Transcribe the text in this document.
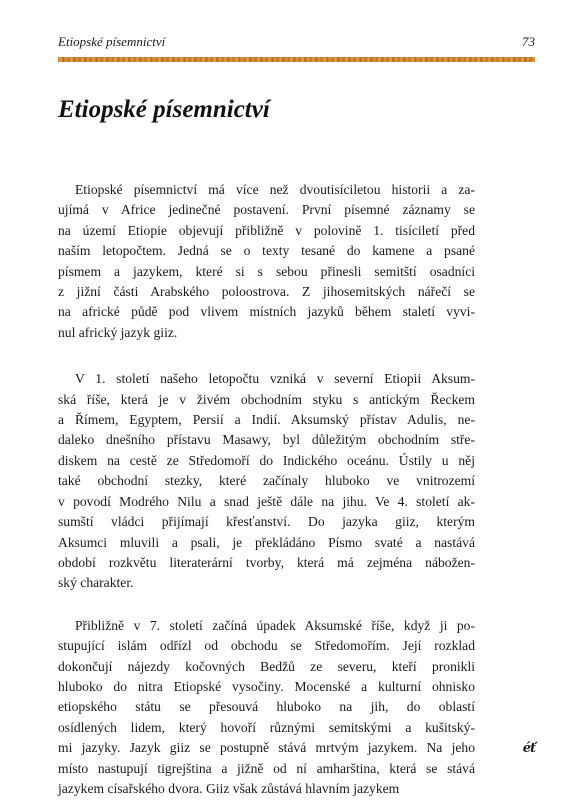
Etiopské písemnictví	73
Etiopské písemnictví

Etiopské písemnictví má více než dvoutisíciletou historii a za-
ujímá v Africe jedinečné postavení. První písemné záznamy se
na území Etiopie objevují přibližně v polovině 1. tisíciletí před
naším letopočtem. Jedná se o texty tesané do kamene a psané
písmem a jazykem, které si s sebou přinesli semitští osadníci
z jižní části Arabského poloostrova. Z jihosemitských nářečí se
na africké půdě pod vlivem místních jazyků během staletí vyvi-
nul africký jazyk giiz.

V 1. století našeho letopočtu vzniká v severní Etiopii Aksum-
ská říše, která je v živém obchodním styku s antickým Řeckem
a Římem, Egyptem, Persií a Indií. Aksumský přístav Adulis, ne-
daleko dnešního přístavu Masawy, byl důležitým obchodním stře-
diskem na cestě ze Středomoří do Indického oceánu. Ústily u něj
také obchodní stezky, které začínaly hluboko ve vnitrozemí
v povodí Modrého Nilu a snad ještě dále na jihu. Ve 4. století ak-
sumští vládci přijímají křesťanství. Do jazyka giiz, kterým
Aksumci mluvili a psali, je překládáno Písmo svaté a nastává
období rozkvětu literaterární tvorby, která má zejména nábožen-
ský charakter.

Přibližně v 7. století začíná úpadek Aksumské říše, když ji po-
stupující islám odřízl od obchodu se Středomořím. Její rozklad
dokončují nájezdy kočovných Bedžů ze severu, kteří pronikli
hluboko do nitra Etiopské vysočiny. Mocenské a kulturní ohnisko
etiopského státu se přesouvá hluboko na jih, do oblastí
osídlených lidem, který hovoří různými semitskými a kušitský-
mi jazyky. Jazyk giiz se postupně stává mrtvým jazykem. Na jeho
místo nastupují tigrejština a jižně od ní amharština, která se stává
jazykem císařského dvora. Giiz však zůstává hlavním jazykem

éť
